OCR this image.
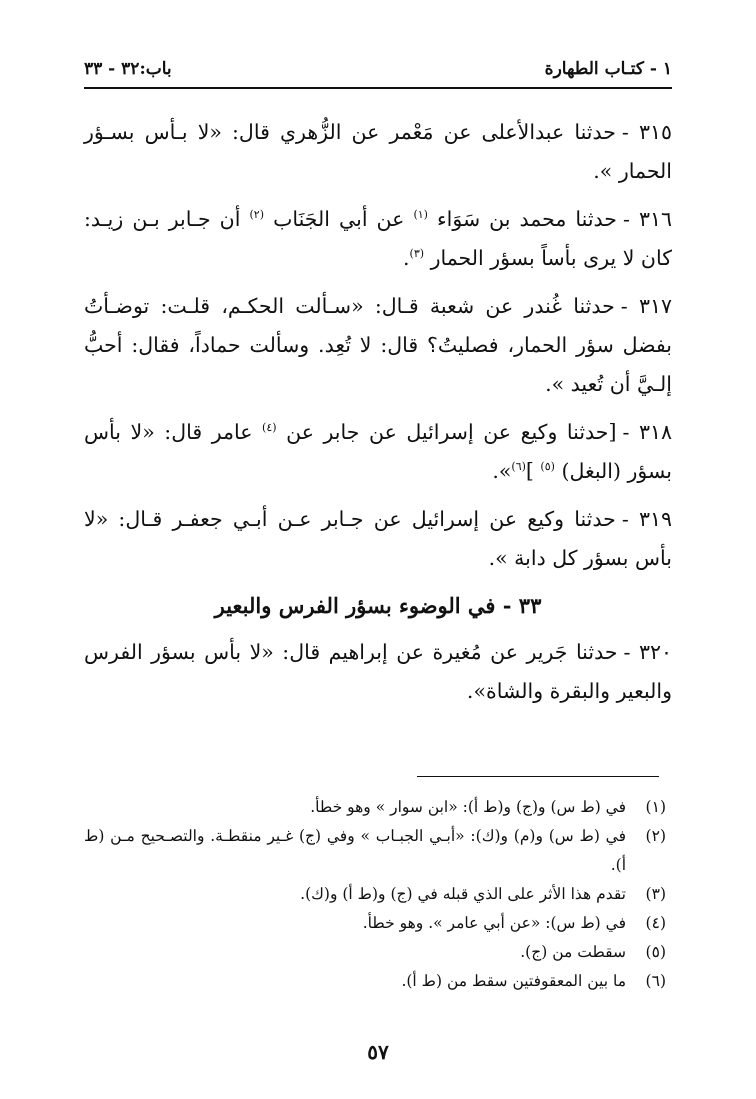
١ - كتـاب الطهارة
باب:٣٢ - ٣٣

٣١٥ -حدثنا عبدالأعلى عن مَعْمر عن الزُّهري قال: «لا بـأس بسـؤر الحمار ».

٣١٦ -حدثنا محمد بن سَوَاء $^{(١)}$ عن أبي الجَنَاب $^{(٢)}$ أن جـابر بـن زيـد: كان لا يرى بأساً بسؤر الحمار $^{(٣)}$.

٣١٧ -حدثنا غُندر عن شعبة قـال: «سـألت الحكـم، قلـت: توضـأتُ بفضل سؤر الحمار، فصليتُ؟ قال: لا تُعِد. وسألت حماداً، فقال: أحبُّ إلـيَّ أن تُعيد ».

٣١٨ -[حدثنا وكيع عن إسرائيل عن جابر عن $^{(٤)}$ عامر قال: «لا بأس بسؤر (البغل) $^{(٥)}$ ]$^{(٦)}$».

٣١٩ -حدثنا وكيع عن إسرائيل عن جـابر عـن أبـي جعفـر قـال: «لا بأس بسؤر كل دابة ».

٣٣ - في الوضوء بسؤر الفرس والبعير

٣٢٠ -حدثنا جَرير عن مُغيرة عن إبراهيم قال: «لا بأس بسؤر الفرس والبعير والبقرة والشاة».

(١)
في (ط س) و(ج) و(ط أ): «ابن سوار » وهو خطأ.
(٢)
في (ط س) و(م) و(ك): «أبـي الجبـاب » وفي (ج) غـير منقطـة. والتصـحيح مـن (ط أ).
(٣)
تقدم هذا الأثر على الذي قبله في (ج) و(ط أ) و(ك).
(٤)
في (ط س): «عن أبي عامر ». وهو خطأ.
(٥)
سقطت من (ج).
(٦)
ما بين المعقوفتين سقط من (ط أ).
٥٧
